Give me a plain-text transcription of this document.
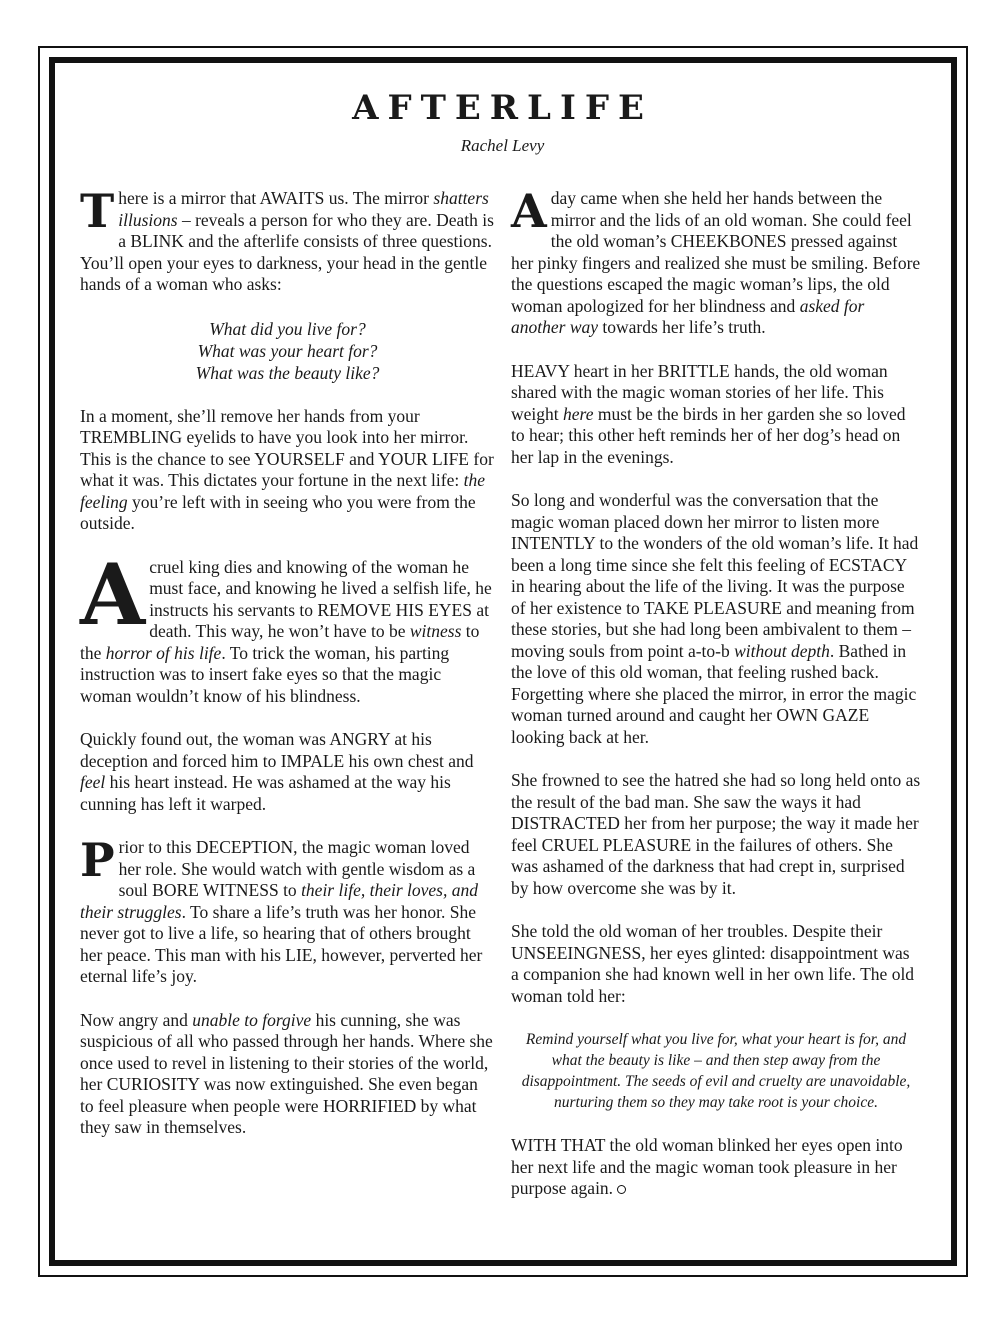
AFTERLIFE

Rachel Levy

There is a mirror that AWAITS us. The mirror shatters illusions – reveals a person for who they are. Death is a BLINK and the afterlife consists of three questions. You’ll open your eyes to darkness, your head in the gentle hands of a woman who asks:

What did you live for?
What was your heart for?
What was the beauty like?

In a moment, she’ll remove her hands from your TREMBLING eyelids to have you look into her mirror. This is the chance to see YOURSELF and YOUR LIFE for what it was. This dictates your fortune in the next life: the feeling you’re left with in seeing who you were from the outside.

Acruel king dies and knowing of the woman he must face, and knowing he lived a selfish life, he instructs his servants to REMOVE HIS EYES at death. This way, he won’t have to be witness to the horror of his life. To trick the woman, his parting instruction was to insert fake eyes so that the magic woman wouldn’t know of his blindness.

Quickly found out, the woman was ANGRY at his deception and forced him to IMPALE his own chest and feel his heart instead. He was ashamed at the way his cunning has left it warped.

Prior to this DECEPTION, the magic woman loved her role. She would watch with gentle wisdom as a soul BORE WITNESS to their life, their loves, and their struggles. To share a life’s truth was her honor. She never got to live a life, so hearing that of others brought her peace. This man with his LIE, however, perverted her eternal life’s joy.

Now angry and unable to forgive his cunning, she was suspicious of all who passed through her hands. Where she once used to revel in listening to their stories of the world, her CURIOSITY was now extinguished. She even began to feel pleasure when people were HORRIFIED by what they saw in themselves.

Aday came when she held her hands between the mirror and the lids of an old woman. She could feel the old woman’s CHEEKBONES pressed against her pinky fingers and realized she must be smiling. Before the questions escaped the magic woman’s lips, the old woman apologized for her blindness and asked for another way towards her life’s truth.

HEAVY heart in her BRITTLE hands, the old woman shared with the magic woman stories of her life. This weight here must be the birds in her garden she so loved to hear; this other heft reminds her of her dog’s head on her lap in the evenings.

So long and wonderful was the conversation that the magic woman placed down her mirror to listen more INTENTLY to the wonders of the old woman’s life. It had been a long time since she felt this feeling of ECSTACY in hearing about the life of the living. It was the purpose of her existence to TAKE PLEASURE and meaning from these stories, but she had long been ambivalent to them – moving souls from point a-to-b without depth. Bathed in the love of this old woman, that feeling rushed back. Forgetting where she placed the mirror, in error the magic woman turned around and caught her OWN GAZE looking back at her.

She frowned to see the hatred she had so long held onto as the result of the bad man. She saw the ways it had DISTRACTED her from her purpose; the way it made her feel CRUEL PLEASURE in the failures of others. She was ashamed of the darkness that had crept in, surprised by how overcome she was by it.

She told the old woman of her troubles. Despite their UNSEEINGNESS, her eyes glinted: disappointment was a companion she had known well in her own life. The old woman told her:

Remind yourself what you live for, what your heart is for, and what the beauty is like – and then step away from the disappointment. The seeds of evil and cruelty are unavoidable, nurturing them so they may take root is your choice.

WITH THAT the old woman blinked her eyes open into her next life and the magic woman took pleasure in her purpose again.
